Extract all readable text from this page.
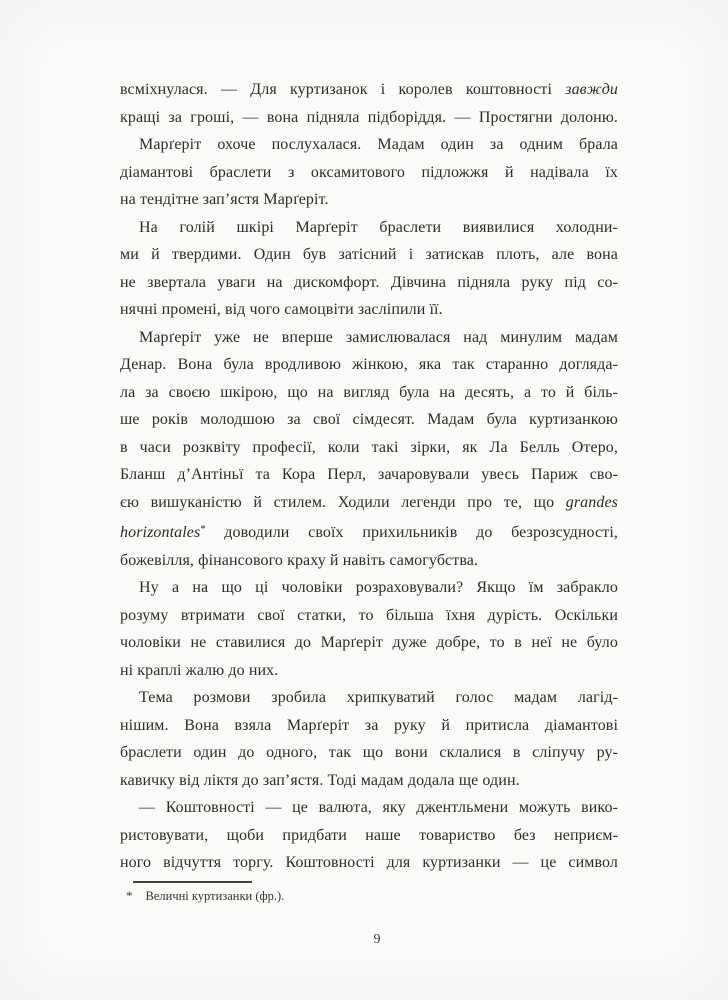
всміхнулася. — Для куртизанок і королев коштовності завжди
кращі за гроші, — вона підняла підборіддя. — Простягни долоню.
Марґеріт охоче послухалася. Мадам один за одним брала
діамантові браслети з оксамитового підложжя й надівала їх
на тендітне зап’ястя Марґеріт.
На голій шкірі Марґеріт браслети виявилися холодни-
ми й твердими. Один був затісний і затискав плоть, але вона
не звертала уваги на дискомфорт. Дівчина підняла руку під со-
нячні промені, від чого самоцвіти засліпили її.
Марґеріт уже не вперше замислювалася над минулим мадам
Денар. Вона була вродливою жінкою, яка так старанно догляда-
ла за своєю шкірою, що на вигляд була на десять, а то й біль-
ше років молодшою за свої сімдесят. Мадам була куртизанкою
в часи розквіту професії, коли такі зірки, як Ла Белль Отеро,
Бланш д’Антіньї та Кора Перл, зачаровували увесь Париж сво-
єю вишуканістю й стилем. Ходили легенди про те, що grandes
horizontales* доводили своїх прихильників до безрозсудності,
божевілля, фінансового краху й навіть самогубства.
Ну а на що ці чоловіки розраховували? Якщо їм забракло
розуму втримати свої статки, то більша їхня дурість. Оскільки
чоловіки не ставилися до Марґеріт дуже добре, то в неї не було
ні краплі жалю до них.
Тема розмови зробила хрипкуватий голос мадам лагід-
нішим. Вона взяла Марґеріт за руку й притисла діамантові
браслети один до одного, так що вони склалися в сліпучу ру-
кавичку від ліктя до зап’ястя. Тоді мадам додала ще один.
— Коштовності — це валюта, яку джентльмени можуть вико-
ристовувати, щоби придбати наше товариство без неприєм-
ного відчуття торгу. Коштовності для куртизанки — це символ
* Величні куртизанки (фр.).
9
